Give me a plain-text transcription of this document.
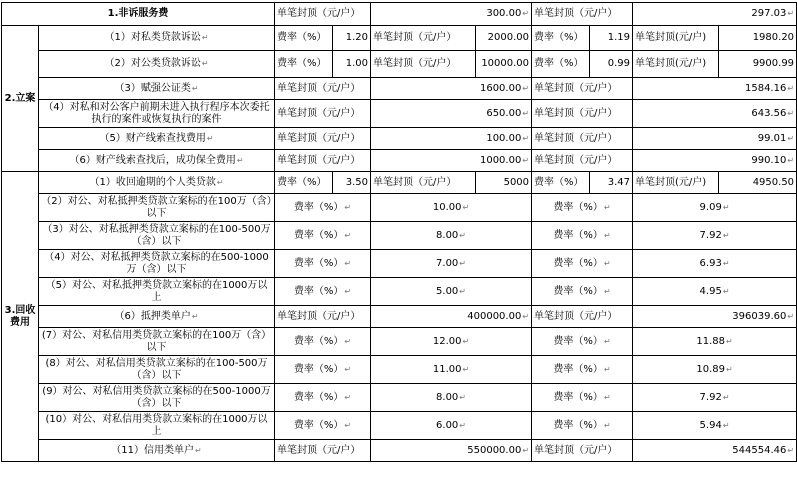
1.非诉服务费		单笔封顶（元/户）		300.00 ↵		单笔封顶（元/户）		297.03 ↵
2.立案	（1）对私类贷款诉讼 ↵	费率（%）	1.20	单笔封顶（元/户）	2000.00	费率（%）	1.19	单笔封顶(元/户)	1980.20
	（2）对公类贷款诉讼 ↵	费率（%）	1.00	单笔封顶（元/户）	10000.00	费率（%）	0.99	单笔封顶(元/户)	9900.99
	（3）赋强公证类 ↵	单笔封顶（元/户）		1600.00 ↵		单笔封顶（元/户）		1584.16 ↵
	（4）对私和对公客户前期未进入执行程序本次委托执行的案件或恢复执行的案件	单笔封顶（元/户）		650.00 ↵		单笔封顶（元/户）		643.56 ↵
	（5）财产线索查找费用 ↵	单笔封顶（元/户）		100.00 ↵		单笔封顶（元/户）		99.01 ↵
	（6）财产线索查找后，成功保全费用 ↵	单笔封顶（元/户）		1000.00 ↵		单笔封顶（元/户）		990.10 ↵
3.回收费用	（1）收回逾期的个人类贷款 ↵	费率（%）	3.50	单笔封顶（元/户）	5000	费率（%）	3.47	单笔封顶(元/户)	4950.50
	（2）对公、对私抵押类贷款立案标的在100万（含）以下	费率（%） ↵		10.00 ↵		费率（%） ↵		9.09 ↵
	（3）对公、对私抵押类贷款立案标的在100-500万（含）以下	费率（%） ↵		8.00 ↵		费率（%） ↵		7.92 ↵
	（4）对公、对私抵押类贷款立案标的在500-1000万（含）以下	费率（%） ↵		7.00 ↵		费率（%） ↵		6.93 ↵
	（5）对公、对私抵押类贷款立案标的在1000万以上	费率（%） ↵		5.00 ↵		费率（%） ↵		4.95 ↵
	（6）抵押类单户 ↵	单笔封顶（元/户）		400000.00 ↵		单笔封顶（元/户）		396039.60 ↵
	(7）对公、对私信用类贷款立案标的在100万（含）以下	费率（%） ↵		12.00 ↵		费率（%） ↵		11.88 ↵
	(8）对公、对私信用类贷款立案标的在100-500万（含）以下	费率（%） ↵		11.00 ↵		费率（%） ↵		10.89 ↵
	(9）对公、对私信用类贷款立案标的在500-1000万（含）以下	费率（%） ↵		8.00 ↵		费率（%） ↵		7.92 ↵
	(10）对公、对私信用类贷款立案标的在1000万以上	费率（%） ↵		6.00 ↵		费率（%） ↵		5.94 ↵
	（11）信用类单户 ↵	单笔封顶（元/户）		550000.00 ↵		单笔封顶（元/户）		544554.46 ↵
